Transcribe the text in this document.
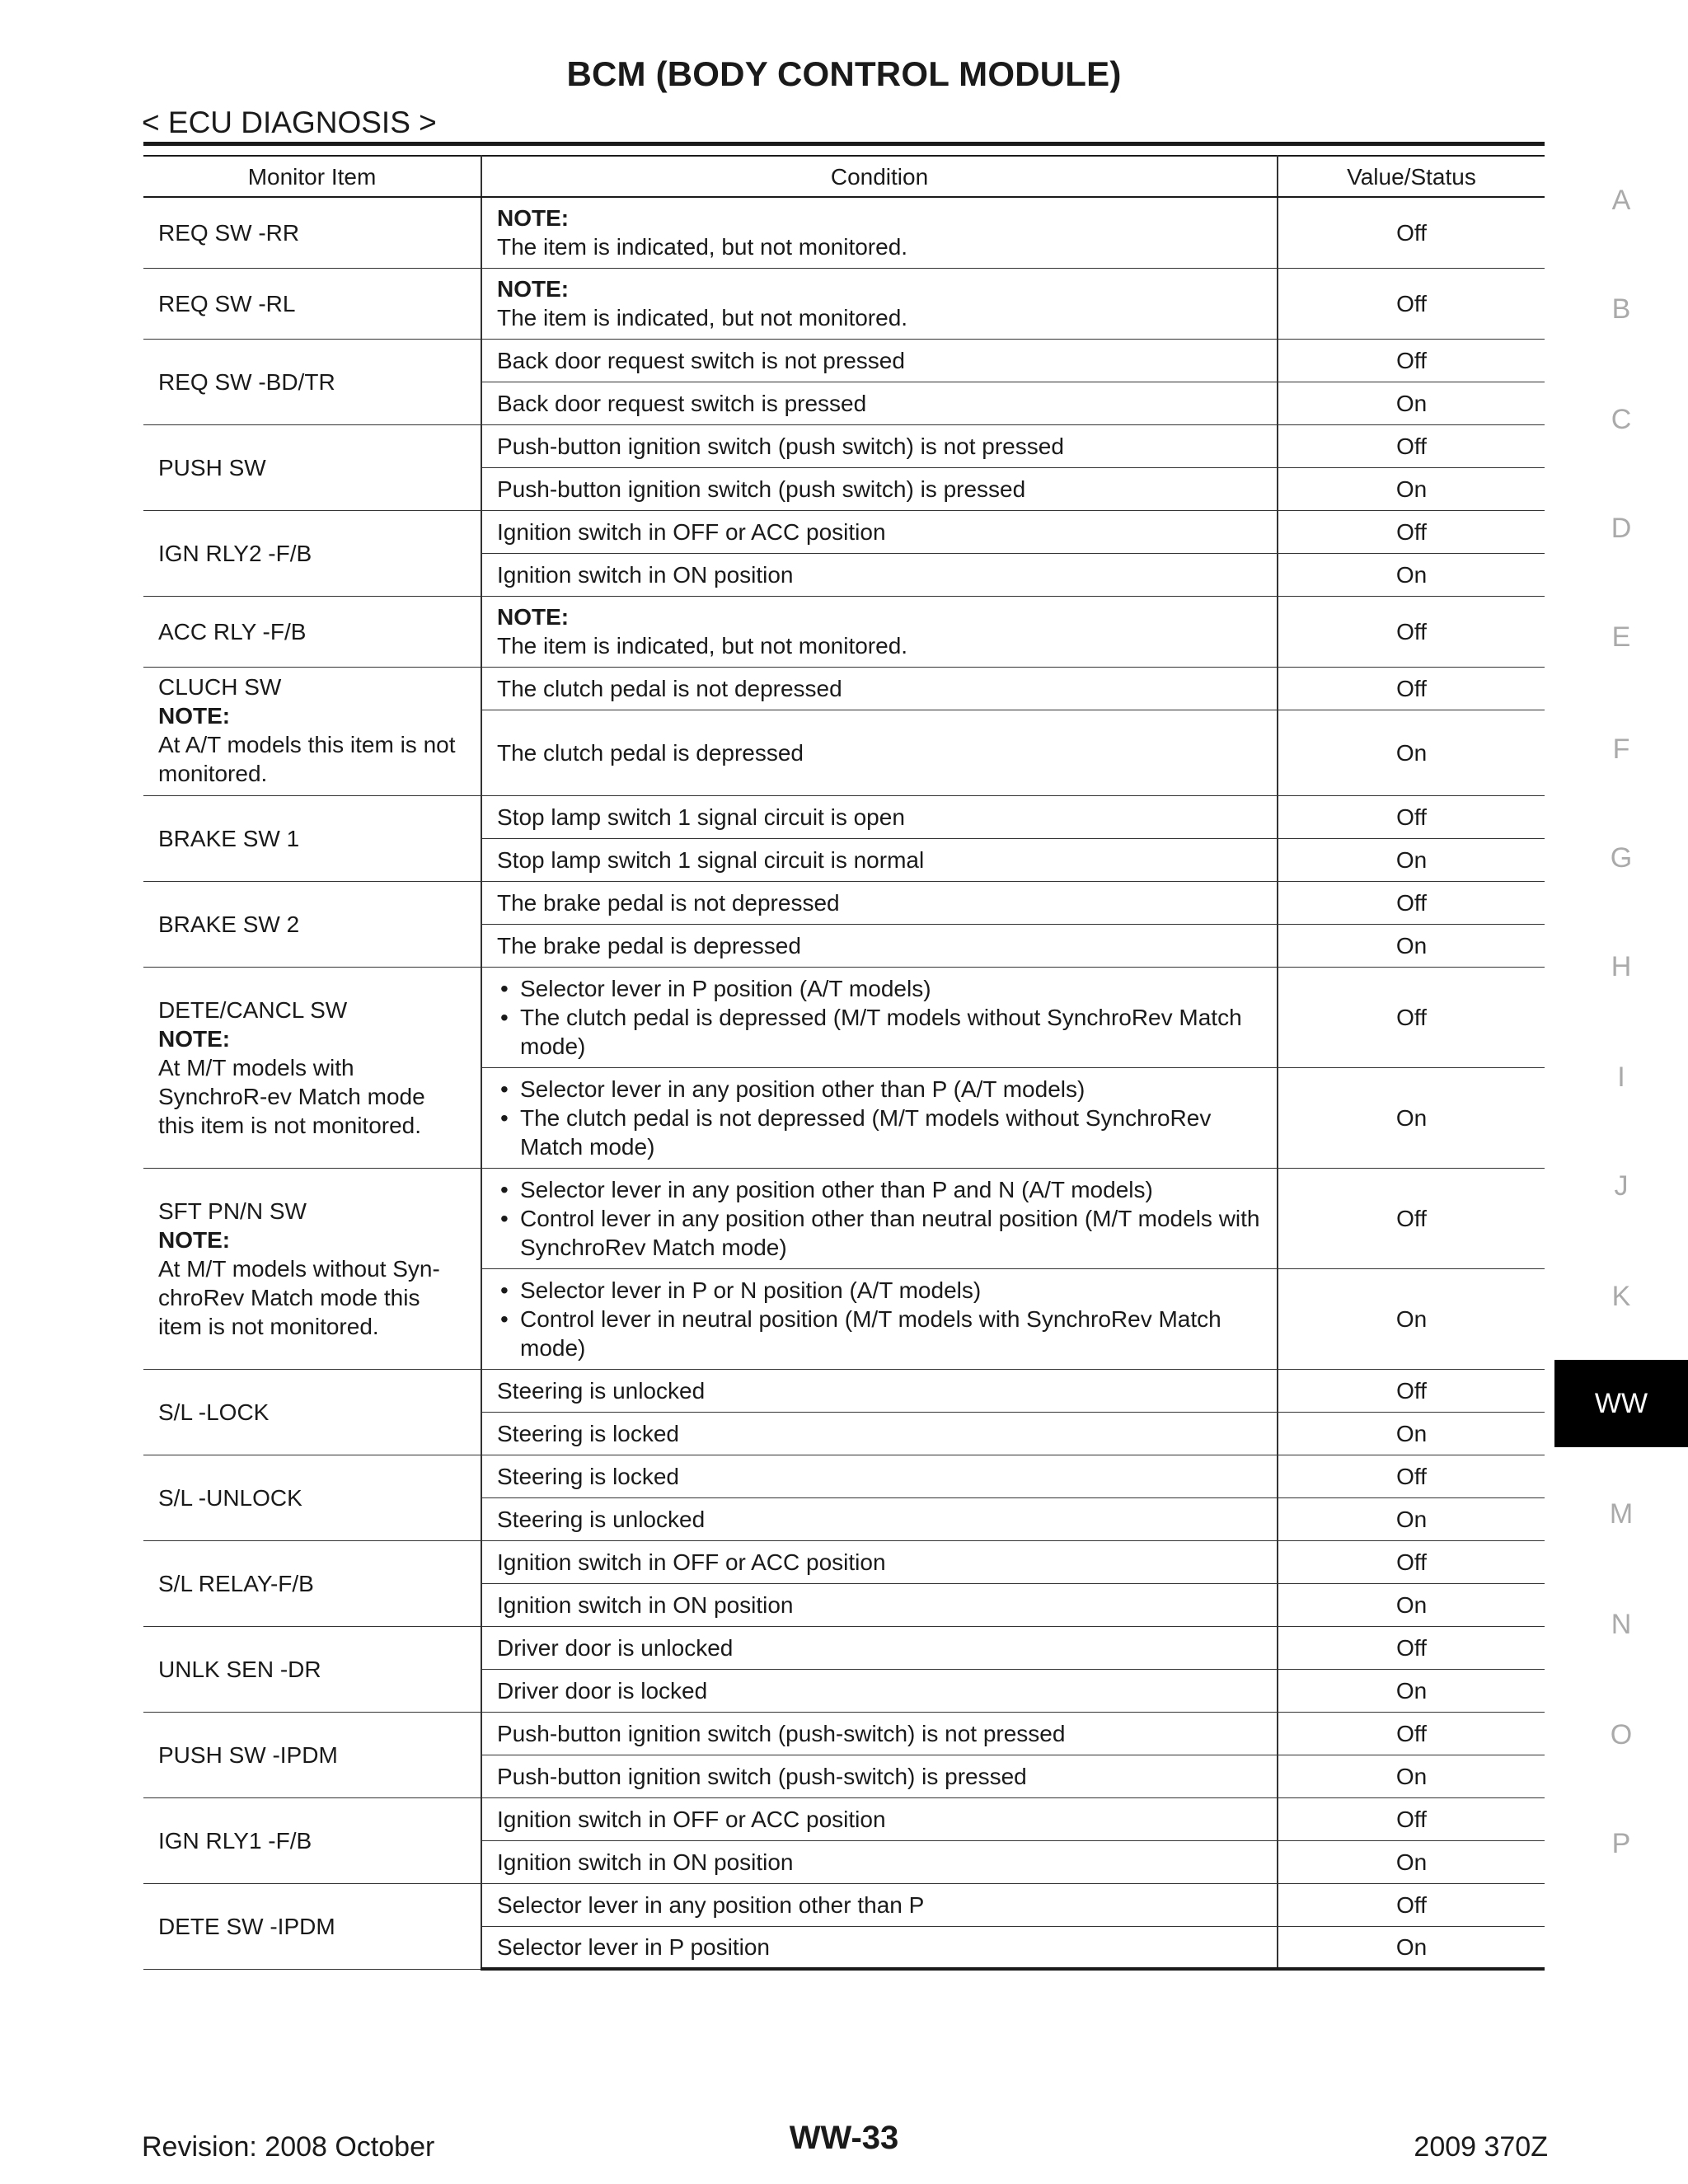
BCM (BODY CONTROL MODULE)
< ECU DIAGNOSIS >
Monitor Item	Condition	Value/Status
REQ SW -RR	NOTE:
The item is indicated, but not monitored.	Off
REQ SW -RL	NOTE:
The item is indicated, but not monitored.	Off
REQ SW -BD/TR	Back door request switch is not pressed	Off
	Back door request switch is pressed	On
PUSH SW	Push-button ignition switch (push switch) is not pressed	Off
	Push-button ignition switch (push switch) is pressed	On
IGN RLY2 -F/B	Ignition switch in OFF or ACC position	Off
	Ignition switch in ON position	On
ACC RLY -F/B	NOTE:
The item is indicated, but not monitored.	Off

CLUCH SW
NOTE:
At A/T models this item is not monitored.	The clutch pedal is not depressed	Off
	The clutch pedal is depressed	On
BRAKE SW 1	Stop lamp switch 1 signal circuit is open	Off
	Stop lamp switch 1 signal circuit is normal	On
BRAKE SW 2	The brake pedal is not depressed	Off
	The brake pedal is depressed	On

DETE/CANCL SW
NOTE:
At M/T models with SynchroR-ev Match mode this item is not monitored.	• Selector lever in P position (A/T models)
• The clutch pedal is depressed (M/T models without SynchroRev Match mode)	Off

	• Selector lever in any position other than P (A/T models)
• The clutch pedal is not depressed (M/T models without SynchroRev Match mode)	On

SFT PN/N SW
NOTE:
At M/T models without Syn-chroRev Match mode this item is not monitored.	• Selector lever in any position other than P and N (A/T models)
• Control lever in any position other than neutral position (M/T models with SynchroRev Match mode)	Off

	• Selector lever in P or N position (A/T models)
• Control lever in neutral position (M/T models with SynchroRev Match mode)	On
S/L -LOCK	Steering is unlocked	Off
	Steering is locked	On
S/L -UNLOCK	Steering is locked	Off
	Steering is unlocked	On
S/L RELAY-F/B	Ignition switch in OFF or ACC position	Off
	Ignition switch in ON position	On
UNLK SEN -DR	Driver door is unlocked	Off
	Driver door is locked	On
PUSH SW -IPDM	Push-button ignition switch (push-switch) is not pressed	Off
	Push-button ignition switch (push-switch) is pressed	On
IGN RLY1 -F/B	Ignition switch in OFF or ACC position	Off
	Ignition switch in ON position	On
DETE SW -IPDM	Selector lever in any position other than P	Off
	Selector lever in P position	On
A
B
C
D
E
F
G
H
I
J
K
WW
M
N
O
P
Revision: 2008 October	WW-33	2009 370Z
